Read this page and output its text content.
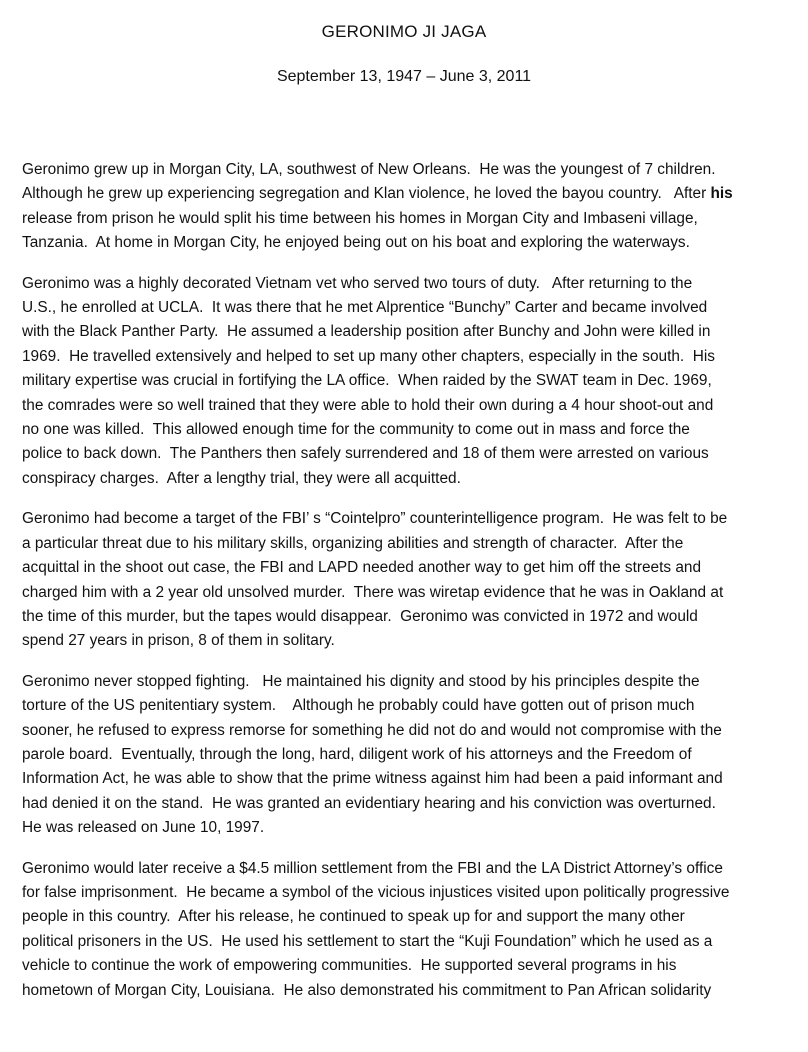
GERONIMO JI JAGA
September 13, 1947 – June 3, 2011

Geronimo grew up in Morgan City, LA, southwest of New Orleans.  He was the youngest of 7 children.
Although he grew up experiencing segregation and Klan violence, he loved the bayou country.   After his
release from prison he would split his time between his homes in Morgan City and Imbaseni village,
Tanzania.  At home in Morgan City, he enjoyed being out on his boat and exploring the waterways.

Geronimo was a highly decorated Vietnam vet who served two tours of duty.   After returning to the
U.S., he enrolled at UCLA.  It was there that he met Alprentice “Bunchy” Carter and became involved
with the Black Panther Party.  He assumed a leadership position after Bunchy and John were killed in
1969.  He travelled extensively and helped to set up many other chapters, especially in the south.  His
military expertise was crucial in fortifying the LA office.  When raided by the SWAT team in Dec. 1969,
the comrades were so well trained that they were able to hold their own during a 4 hour shoot-out and
no one was killed.  This allowed enough time for the community to come out in mass and force the
police to back down.  The Panthers then safely surrendered and 18 of them were arrested on various
conspiracy charges.  After a lengthy trial, they were all acquitted.

Geronimo had become a target of the FBI’ s “Cointelpro” counterintelligence program.  He was felt to be
a particular threat due to his military skills, organizing abilities and strength of character.  After the
acquittal in the shoot out case, the FBI and LAPD needed another way to get him off the streets and
charged him with a 2 year old unsolved murder.  There was wiretap evidence that he was in Oakland at
the time of this murder, but the tapes would disappear.  Geronimo was convicted in 1972 and would
spend 27 years in prison, 8 of them in solitary.

Geronimo never stopped fighting.   He maintained his dignity and stood by his principles despite the
torture of the US penitentiary system.    Although he probably could have gotten out of prison much
sooner, he refused to express remorse for something he did not do and would not compromise with the
parole board.  Eventually, through the long, hard, diligent work of his attorneys and the Freedom of
Information Act, he was able to show that the prime witness against him had been a paid informant and
had denied it on the stand.  He was granted an evidentiary hearing and his conviction was overturned.
He was released on June 10, 1997.

Geronimo would later receive a $4.5 million settlement from the FBI and the LA District Attorney’s office
for false imprisonment.  He became a symbol of the vicious injustices visited upon politically progressive
people in this country.  After his release, he continued to speak up for and support the many other
political prisoners in the US.  He used his settlement to start the “Kuji Foundation” which he used as a
vehicle to continue the work of empowering communities.  He supported several programs in his
hometown of Morgan City, Louisiana.  He also demonstrated his commitment to Pan African solidarity
